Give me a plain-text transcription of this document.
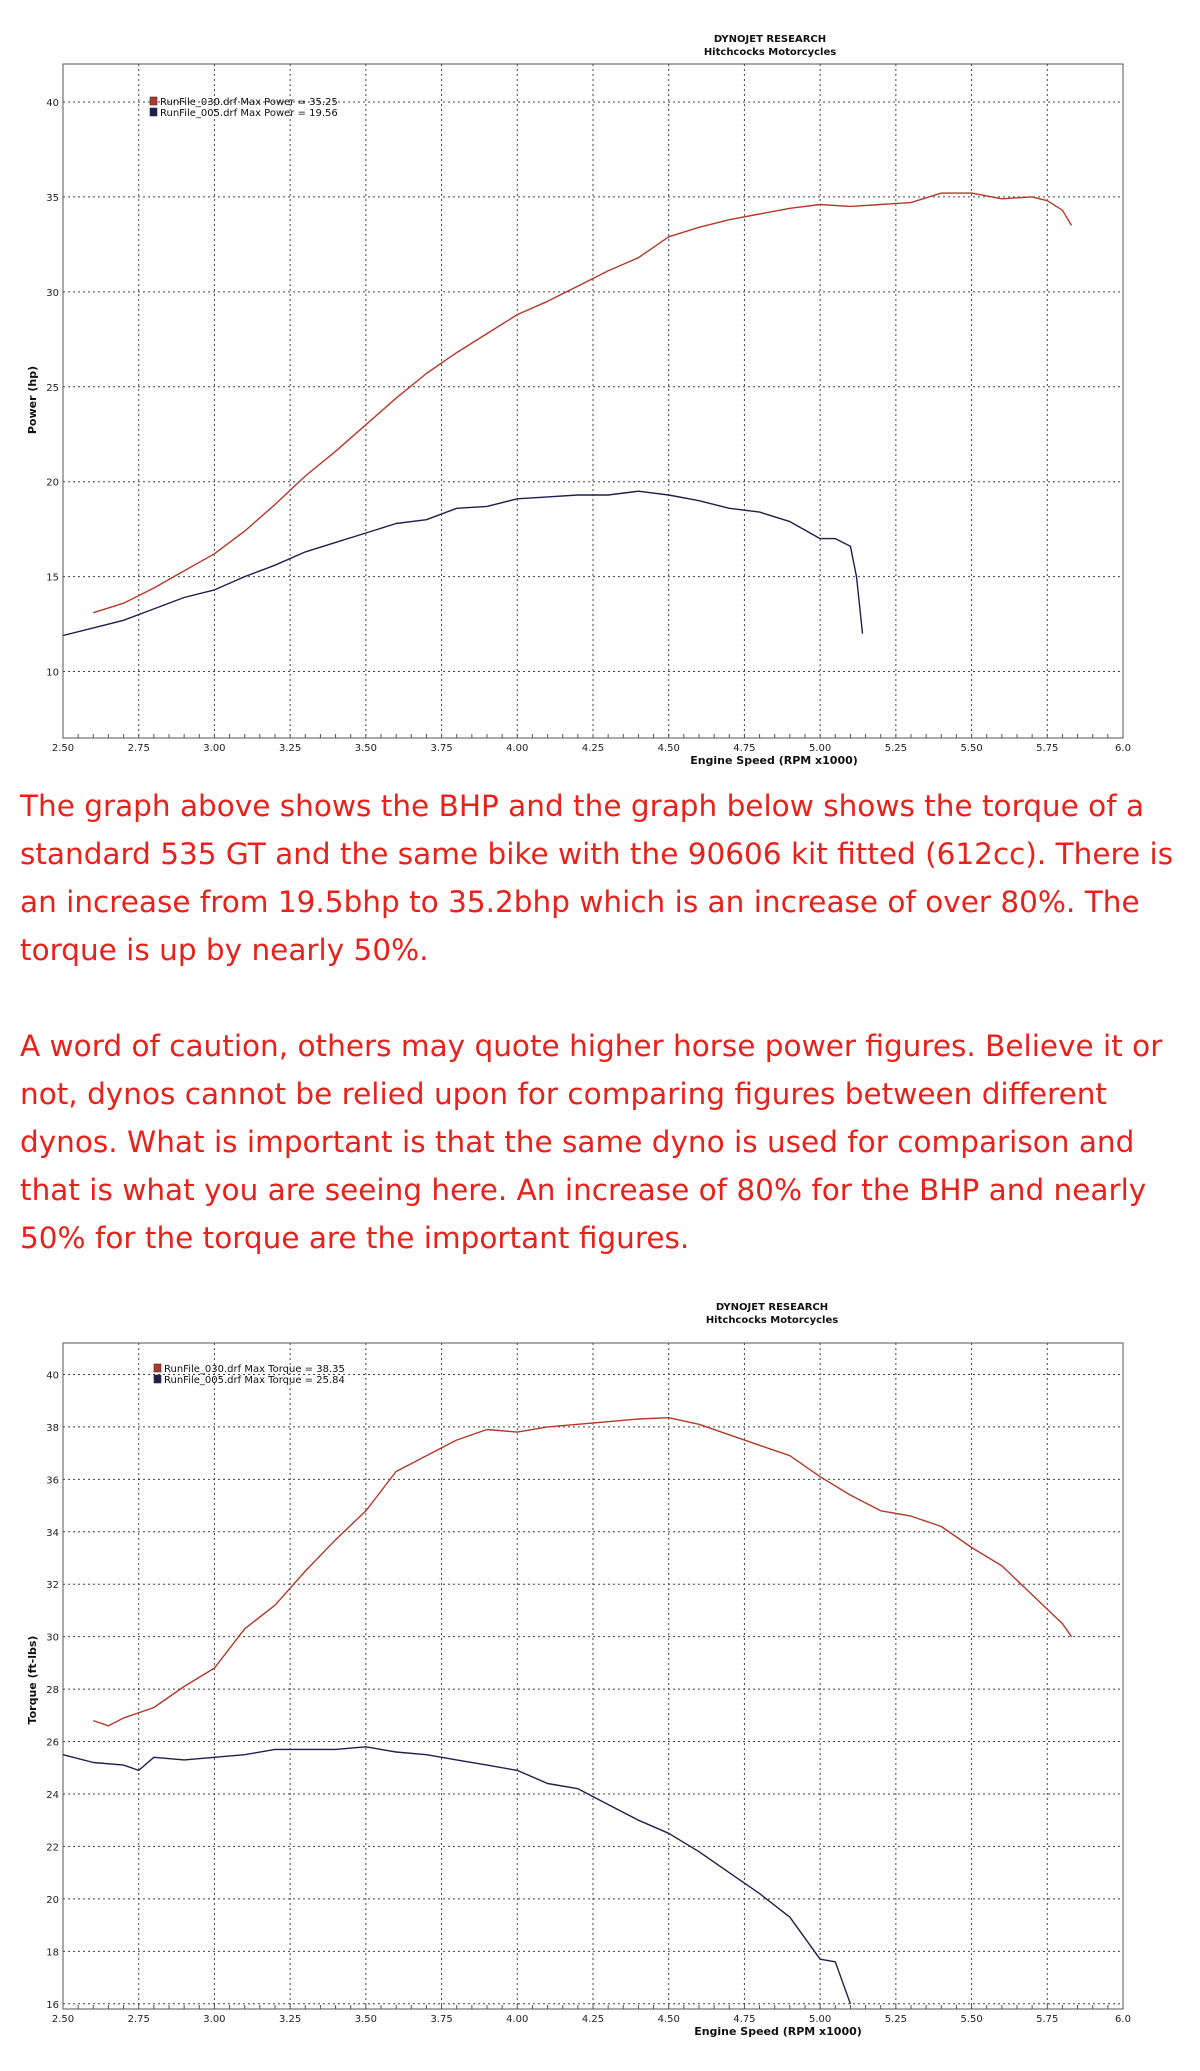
2.50	2.75	3.00	3.25	3.50	3.75	4.00	4.25	4.50	4.75	5.00	5.25	5.50	5.75	6.0
10
15
20
25
30
35
40
DYNOJET RESEARCH
Hitchcocks Motorcycles
Engine Speed (RPM x1000)
Power (hp)
RunFile_030.drf Max Power = 35.25
RunFile_005.drf Max Power = 19.56

The graph above shows the BHP and the graph below shows the torque of a standard 535 GT and the same bike with the 90606 kit fitted (612cc). There is an increase from 19.5bhp to 35.2bhp which is an increase of over 80%. The torque is up by nearly 50%.

A word of caution, others may quote higher horse power figures. Believe it or not, dynos cannot be relied upon for comparing figures between different dynos. What is important is that the same dyno is used for comparison and that is what you are seeing here. An increase of 80% for the BHP and nearly 50% for the torque are the important figures.

2.50	2.75	3.00	3.25	3.50	3.75	4.00	4.25	4.50	4.75	5.00	5.25	5.50	5.75	6.0
16
18
20
22
24
26
28
30
32
34
36
38
40
DYNOJET RESEARCH
Hitchcocks Motorcycles
Engine Speed (RPM x1000)
Torque (ft-lbs)
RunFile_030.drf Max Torque = 38.35
RunFile_005.drf Max Torque = 25.84
